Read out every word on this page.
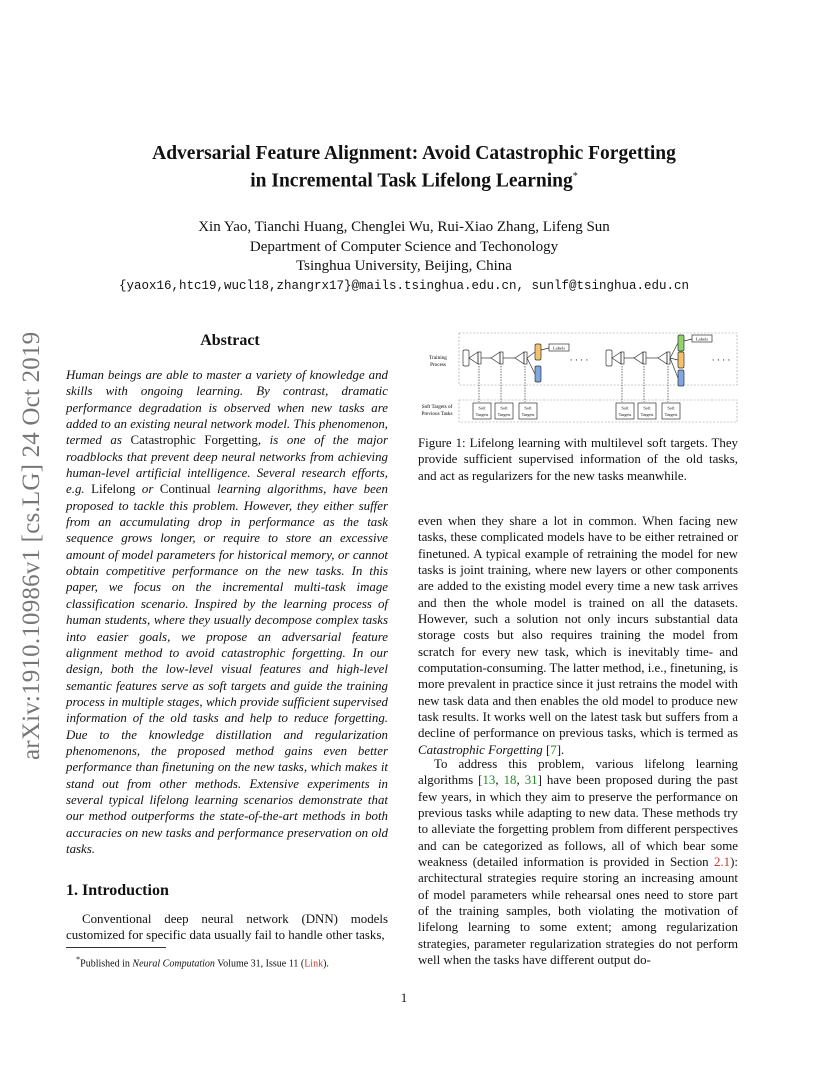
arXiv:1910.10986v1 [cs.LG] 24 Oct 2019
Adversarial Feature Alignment: Avoid Catastrophic Forgetting
in Incremental Task Lifelong Learning*
Xin Yao, Tianchi Huang, Chenglei Wu, Rui-Xiao Zhang, Lifeng Sun
Department of Computer Science and Techonology
Tsinghua University, Beijing, China
{yaox16,htc19,wucl18,zhangrx17}@mails.tsinghua.edu.cn, sunlf@tsinghua.edu.cn
Abstract
Human beings are able to master a variety of knowledge and skills with ongoing learning. By contrast, dramatic performance degradation is observed when new tasks are added to an existing neural network model. This phenomenon, termed as Catastrophic Forgetting, is one of the major roadblocks that prevent deep neural networks from achieving human-level artificial intelligence. Several research efforts, e.g. Lifelong or Continual learning algorithms, have been proposed to tackle this problem. However, they either suffer from an accumulating drop in performance as the task sequence grows longer, or require to store an excessive amount of model parameters for historical memory, or cannot obtain competitive performance on the new tasks. In this paper, we focus on the incremental multi-task image classification scenario. Inspired by the learning process of human students, where they usually decompose complex tasks into easier goals, we propose an adversarial feature alignment method to avoid catastrophic forgetting. In our design, both the low-level visual features and high-level semantic features serve as soft targets and guide the training process in multiple stages, which provide sufficient supervised information of the old tasks and help to reduce forgetting. Due to the knowledge distillation and regularization phenomenons, the proposed method gains even better performance than finetuning on the new tasks, which makes it stand out from other methods. Extensive experiments in several typical lifelong learning scenarios demonstrate that our method outperforms the state-of-the-art methods in both accuracies on new tasks and performance preservation on old tasks.
1. Introduction
Conventional deep neural network (DNN) models customized for specific data usually fail to handle other tasks,
*Published in Neural Computation Volume 31, Issue 11 (Link).
Training
Process
Soft Targets of
Previous Tasks
· · · ·	· · · ·
Labels
Soft
Targets
Soft
Targets
Soft
Targets
Labels
Soft
Targets
Soft
Targets
Soft
Targets
Figure 1: Lifelong learning with multilevel soft targets. They provide sufficient supervised information of the old tasks, and act as regularizers for the new tasks meanwhile.
even when they share a lot in common. When facing new tasks, these complicated models have to be either retrained or finetuned. A typical example of retraining the model for new tasks is joint training, where new layers or other components are added to the existing model every time a new task arrives and then the whole model is trained on all the datasets. However, such a solution not only incurs substantial data storage costs but also requires training the model from scratch for every new task, which is inevitably time- and computation-consuming. The latter method, i.e., finetuning, is more prevalent in practice since it just retrains the model with new task data and then enables the old model to produce new task results. It works well on the latest task but suffers from a decline of performance on previous tasks, which is termed as Catastrophic Forgetting [7].
To address this problem, various lifelong learning algorithms [13, 18, 31] have been proposed during the past few years, in which they aim to preserve the performance on previous tasks while adapting to new data. These methods try to alleviate the forgetting problem from different perspectives and can be categorized as follows, all of which bear some weakness (detailed information is provided in Section 2.1): architectural strategies require storing an increasing amount of model parameters while rehearsal ones need to store part of the training samples, both violating the motivation of lifelong learning to some extent; among regularization strategies, parameter regularization strategies do not perform well when the tasks have different output do-
1
